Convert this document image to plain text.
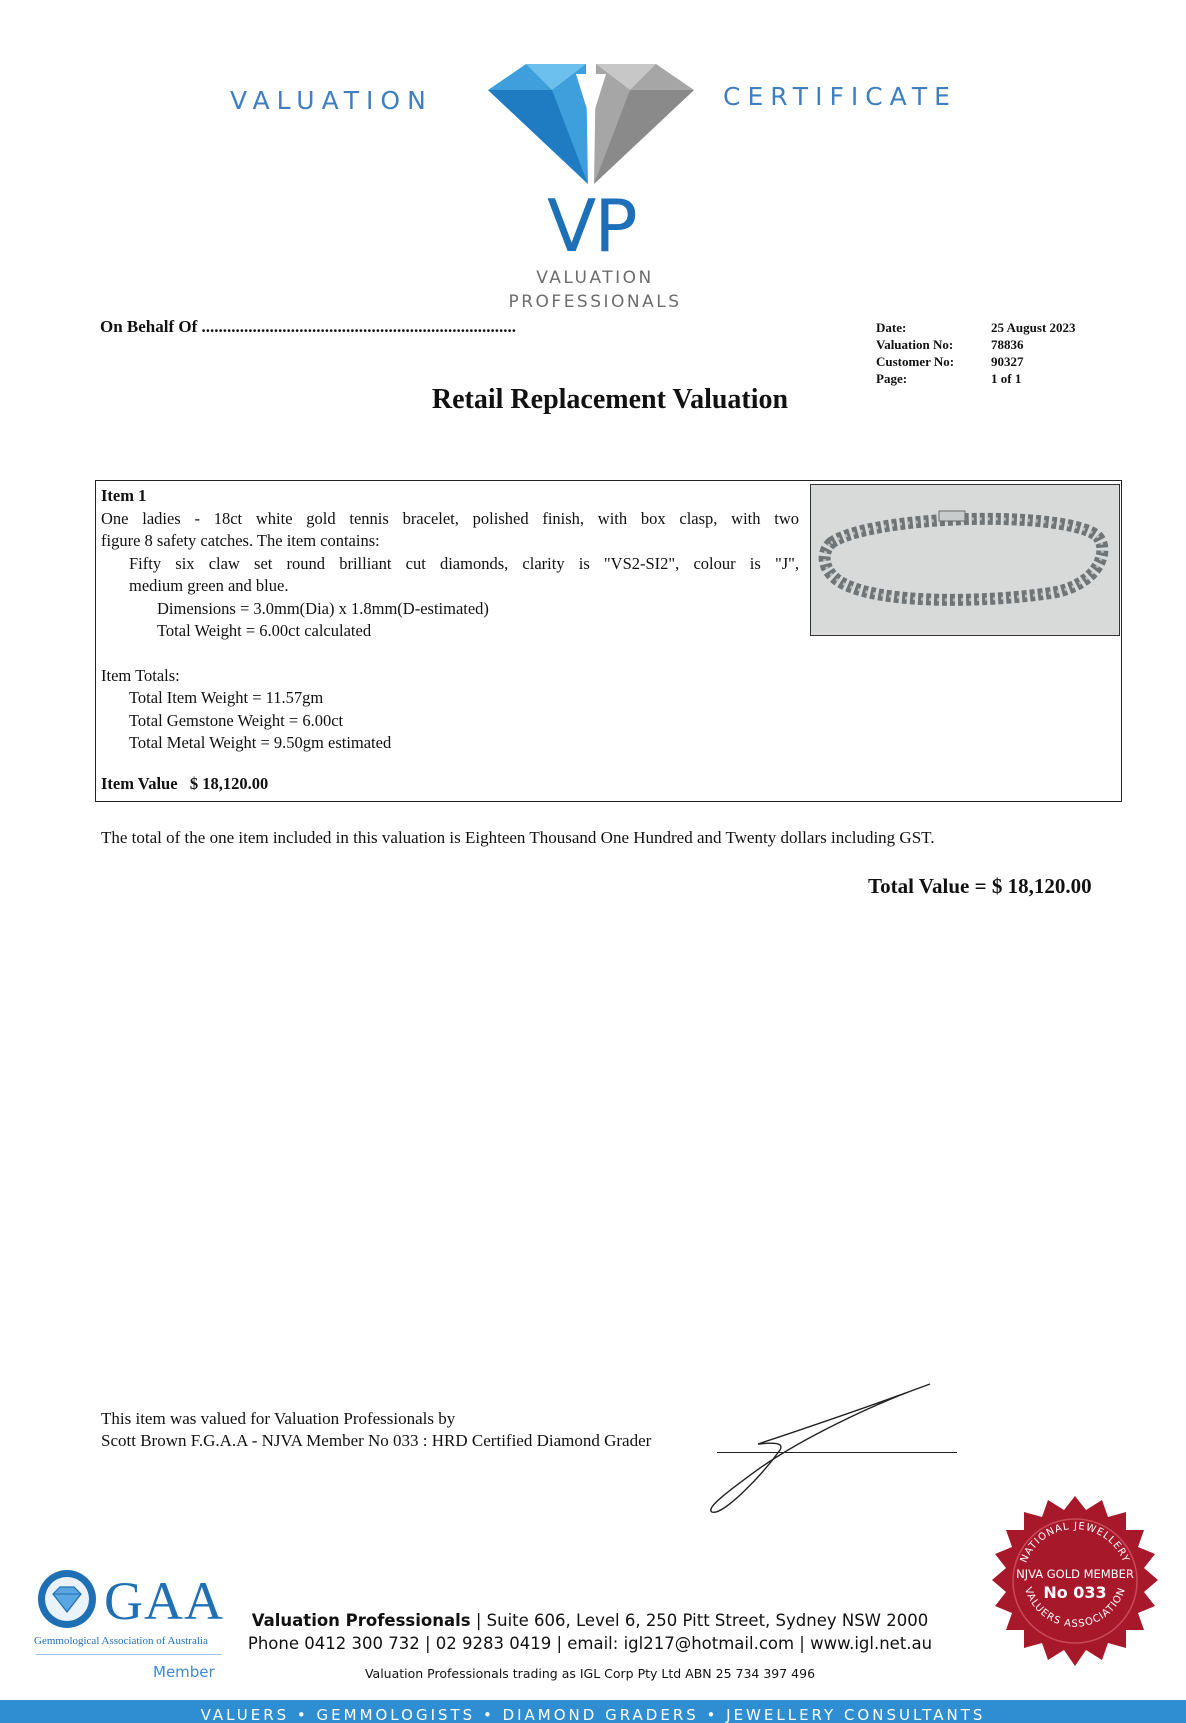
VALUATION	CERTIFICATE
VP
VALUATION
PROFESSIONALS
On Behalf Of ..........................................................................	Date:	25 August 2023
Valuation No:	78836
Customer No:	90327
Page:	1 of 1
Retail Replacement Valuation
Item 1
One ladies - 18ct white gold tennis bracelet, polished finish, with box clasp, with two
figure 8 safety catches. The item contains:
Fifty six claw set round brilliant cut diamonds, clarity is "VS2-SI2", colour is "J",
medium green and blue.
Dimensions = 3.0mm(Dia) x 1.8mm(D-estimated)
Total Weight = 6.00ct calculated
Item Totals:
Total Item Weight = 11.57gm
Total Gemstone Weight = 6.00ct
Total Metal Weight = 9.50gm estimated
Item Value $ 18,120.00
The total of the one item included in this valuation is Eighteen Thousand One Hundred and Twenty dollars including GST.
Total Value = $ 18,120.00
This item was valued for Valuation Professionals by
Scott Brown F.G.A.A - NJVA Member No 033 : HRD Certified Diamond Grader
GAA
Gemmological Association of Australia
Member
Valuation Professionals | Suite 606, Level 6, 250 Pitt Street, Sydney NSW 2000
Phone 0412 300 732 | 02 9283 0419 | email: igl217@hotmail.com | www.igl.net.au
Valuation Professionals trading as IGL Corp Pty Ltd ABN 25 734 397 496
NATIONAL JEWELLERY
VALUERS ASSOCIATION
NJVA GOLD MEMBER
No 033
VALUERS • GEMMOLOGISTS • DIAMOND GRADERS • JEWELLERY CONSULTANTS
